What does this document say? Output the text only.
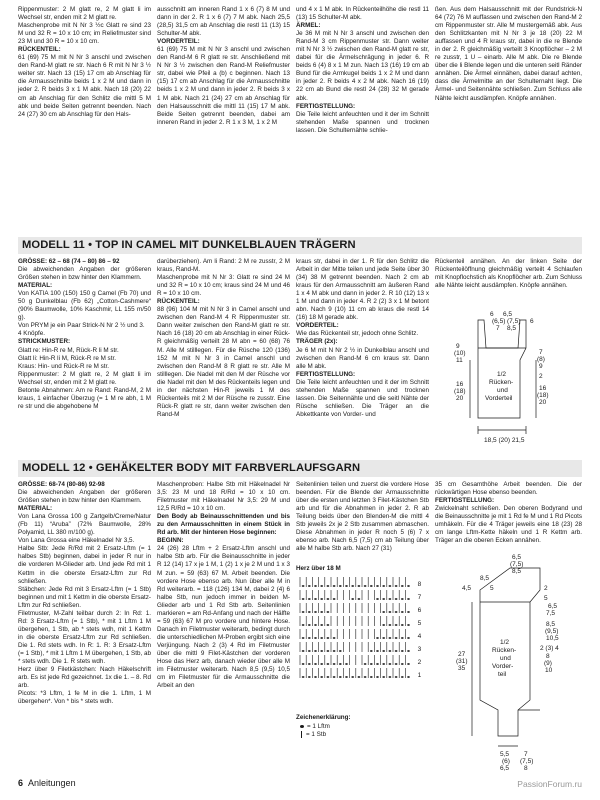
Rippenmuster: 2 M glatt re, 2 M glatt li im Wechsel str, enden mit 2 M glatt re.

Maschenprobe mit N Nr 3 ½c Glatt re sind 23 M und 32 R = 10 x 10 cm; im Reliefmuster sind 23 M und 30 R = 10 x 10 cm.

RÜCKENTEIL:

61 (69) 75 M mit N Nr 3 anschl und zwischen den Rand-M glatt re str. Nach 6 R mit N Nr 3 ½ weiter str. Nach 13 (15) 17 cm ab Anschlag für die Armausschnitte beids 1 x 2 M und dann in jeder 2. R beids 3 x 1 M abk. Nach 18 (20) 22 cm ab Anschlag für den Schlitz die mittl 5 M abk und beide Seiten getrennt beenden. Nach 24 (27) 30 cm ab Anschlag für den Hals-

ausschnitt am inneren Rand 1 x 6 (7) 8 M und dann in der 2. R 1 x 6 (7) 7 M abk. Nach 25,5 (28,5) 31,5 cm ab Anschlag die restl 11 (13) 15 Schulter-M abk.

VORDERTEIL:

61 (69) 75 M mit N Nr 3 anschl und zwischen den Rand-M 6 R glatt re str. Anschließend mit N Nr 3 ½ zwischen den Rand-M Reliefmuster str, dabei wie Pfeil a (b) c beginnen. Nach 13 (15) 17 cm ab Anschlag für die Armausschnitte beids 1 x 2 M und dann in jeder 2. R beids 3 x 1 M abk. Nach 21 (24) 27 cm ab Anschlag für den Halsausschnitt die mittl 11 (15) 17 M abk. Beide Seiten getrennt beenden, dabei am inneren Rand in jeder 2. R 1 x 3 M, 1 x 2 M

und 4 x 1 M abk. In Rückenteilhöhe die restl 11 (13) 15 Schulter-M abk.

ÄRMEL:

Je 36 M mit N Nr 3 anschl und zwischen den Rand-M 3 cm Rippenmuster str. Dann weiter mit N Nr 3 ½ zwischen den Rand-M glatt re str, dabei für die Ärmelschrägung in jeder 6. R beids 6 (4) 8 x 1 M zun. Nach 13 (16) 19 cm ab Bund für die Armkugel beids 1 x 2 M und dann in jeder 2. R beids 4 x 2 M abk. Nach 16 (19) 22 cm ab Bund die restl 24 (28) 32 M gerade abk.

FERTIGSTELLUNG:

Die Teile leicht anfeuchten und it der im Schnitt stehenden Maße spannen und trocknen lassen. Die Schulternähte schlie-

ßen. Aus dem Halsausschnitt mit der Rundstrick-N 64 (72) 76 M auffassen und zwischen den Rand-M 2 cm Rippenmuster str. Alle M mustergemäß abk. Aus den Schlitzkanten mit N Nr 3 je 18 (20) 22 M auffassen und 4 R kraus str, dabei in die re Blende in der 2. R gleichmäßig verteilt 3 Knopflöcher – 2 M re zusstr, 1 U – einarb. Alle M abk. Die re Blende über die li Blende legen und die unteren seitl Ränder annähen. Die Ärmel einnähen, dabei darauf achten, dass die Ärmelmitte an der Schulternaht liegt. Die Ärmel- und Seitennähte schließen. Zum Schluss alle Nähte leicht ausdämpfen. Knöpfe annähen.

MODELL 11 • TOP IN CAMEL MIT DUNKELBLAUEN TRÄGERN

GRÖSSE: 62 – 68 (74 – 80) 86 – 92

Die abweichenden Angaben der größeren Größen stehen in bzw hinter den Klammern.

MATERIAL:

Von KATIA 100 (150) 150 g Camel (Fb 70) und 50 g Dunkelblau (Fb 62) „Cotton-Cashmere“ (90% Baumwolle, 10% Kaschmir, LL 155 m/50 g).

Von PRYM je ein Paar Strick-N Nr 2 ½ und 3.

4 Knöpfe.

STRICKMUSTER:

Glatt re: Hin-R re M, Rück-R li M str.

Glatt li: Hin-R li M, Rück-R re M str.

Kraus: Hin- und Rück-R re M str.

Rippenmuster: 2 M glatt re, 2 M glatt li im Wechsel str, enden mit 2 M glatt re.

Betonte Abnahmen: Am re Rand: Rand-M, 2 M kraus, 1 einfacher Überzug (= 1 M re abh, 1 M re str und die abgehobene M

darüberziehen). Am li Rand: 2 M re zusstr, 2 M kraus, Rand-M.

Maschenprobe mit N Nr 3: Glatt re sind 24 M und 32 R = 10 x 10 cm; kraus sind 24 M und 46 R = 10 x 10 cm.

RÜCKENTEIL:

88 (96) 104 M mit N Nr 3 in Camel anschl und zwischen den Rand-M 4 R Rippenmuster str. Dann weiter zwischen den Rand-M glatt re str. Nach 16 (18) 20 cm ab Anschlag in einer Rück-R gleichmäßig verteilt 28 M abn = 60 (68) 76 M. Alle M stilllegen. Für die Rüsche 120 (136) 152 M mit N Nr 3 in Camel anschl und zwischen den Rand-M 8 R glatt re str. Alle M stilllegen. Die Nadel mit den M der Rüsche vor die Nadel mit den M des Rückenteils legen und in der nächsten Hin-R jeweils 1 M des Rückenteils mit 2 M der Rüsche re zusstr. Eine Rück-R glatt re str, dann weiter zwischen den Rand-M

kraus str, dabei in der 1. R für den Schlitz die Arbeit in der Mitte teilen und jede Seite über 30 (34) 38 M getrennt beenden. Nach 2 cm ab kraus für den Armausschnitt am äußeren Rand 1 x 4 M abk und dann in jeder 2. R 10 (12) 13 x 1 M und dann in jeder 4. R 2 (2) 3 x 1 M betont abn. Nach 9 (10) 11 cm ab kraus die restl 14 (16) 18 M gerade abk.

VORDERTEIL:

Wie das Rückenteil str, jedoch ohne Schlitz.

TRÄGER (2x):

Je 6 M mit N Nr 2 ½ in Dunkelblau anschl und zwischen den Rand-M 6 cm kraus str. Dann alle M abk.

FERTIGSTELLUNG:

Die Teile leicht anfeuchten und it der im Schnitt stehenden Maße spannen und trocknen lassen. Die Seitennähte und die seitl Nähte der Rüsche schließen. Die Träger an die Abkettkante von Vorder- und

Rückenteil annähen. An der linken Seite der Rückenteilöffnung gleichmäßig verteilt 4 Schlaufen mit Knopflochstich als Knopflöcher arb. Zum Schluss alle Nähte leicht ausdämpfen. Knöpfe annähen.

6 6,5
(6,5) (7,5) 6
7 8,5
9
(10)
11
7
(8)
9
16
(18)
20
2
16
(18)
20
1/2
Rücken-
und
Vorderteil
18,5 (20) 21,5
MODELL 12 • GEHÄKELTER BODY MIT FARBVERLAUFSGARN

GRÖSSE: 68-74 (80-86) 92-98

Die abweichenden Angaben der größeren Größen stehen in bzw hinter den Klammern.

MATERIAL:

Von Lana Grossa 100 g Zartgelb/Creme/Natur (Fb 11) “Aruba” (72% Baumwolle, 28% Polyamid, LL 380 m/100 g).

Von Lana Grossa eine Häkelnadel Nr 3,5.

Halbe Stb: Jede R/Rd mit 2 Ersatz-Lftm (= 1 halbes Stb) beginnen, dabei in jeder R nur in die vorderen M-Glieder arb. Und jede Rd mit 1 Kettm in die oberste Ersatz-Lftm zur Rd schließen.

Stäbchen: Jede Rd mit 3 Ersatz-Lftm (= 1 Stb) beginnen und mit 1 Kettm in die oberste Ersatz-Lftm zur Rd schließen.

Filetmuster, M-Zahl teilbar durch 2: In Rd: 1. Rd: 3 Ersatz-Lftm (= 1 Stb), * mit 1 Lftm 1 M übergehen, 1 Stb, ab * stets wdh, mit 1 Kettm in die oberste Ersatz-Lftm zur Rd schließen. Die 1. Rd stets wdh. In R: 1. R: 3 Ersatz-Lftm (= 1 Stb), * mit 1 Lftm 1 M übergehen, 1 Stb, ab * stets wdh. Die 1. R stets wdh.

Herz über 9 Filetkästchen: Nach Häkelschrift arb. Es ist jede Rd gezeichnet. 1x die 1. – 8. Rd arb.

Picots: *3 Lftm, 1 fe M in die 1. Lftm, 1 M übergehen*. Von * bis * stets wdh.

Maschenproben: Halbe Stb mit Häkelnadel Nr 3,5: 23 M und 18 R/Rd = 10 x 10 cm. Filetmuster mit Häkelnadel Nr 3,5: 29 M und 12,5 R/Rd = 10 x 10 cm.

Den Body ab Beinausschnittenden und bis zu den Armausschnitten in einem Stück in Rd arb. Mit der hinteren Hose beginnen:

BEGINN:

24 (26) 28 Lftm + 2 Ersatz-Lftm anschl und halbe Stb arb. Für die Beinausschnitte in jeder R 12 (14) 17 x je 1 M, 1 (2) 1 x je 2 M und 1 x 3 M zun. = 59 (63) 67 M. Arbeit beenden. Die vordere Hose ebenso arb. Nun über alle M in Rd weiterarb. = 118 (126) 134 M, dabei 2 (4) 6 halbe Stb, nun jedoch immer in beiden M-Glieder arb und 1 Rd Stb arb. Seitenlinien markieren = am Rd-Anfang und nach der Hälfte = 59 (63) 67 M pro vordere und hintere Hose. Danach im Filetmuster weiterarb, bedingt durch die unterschiedlichen M-Proben ergibt sich eine Verjüngung. Nach 2 (3) 4 Rd im Filetmuster über die mittl 9 Filet-Kästchen der vorderen Hose das Herz arb, danach wieder über alle M im Filetmuster weiterarb. Nach 8,5 (9,5) 10,5 cm im Filetmuster für die Armausschnitte die Arbeit an den

Seitenlinien teilen und zuerst die vordere Hose beenden. Für die Blende der Armausschnitte über die ersten und letzten 3 Filet-Kästchen Stb arb und für die Abnahmen in jeder 2. R ab Teilung beids über den Blenden-M die mittl 4 Stb jeweils 2x je 2 Stb zusammen abmaschen. Diese Abnahmen in jeder R noch 5 (6) 7 x ebenso arb. Nach 6,5 (7,5) cm ab Teilung über alle M halbe Stb arb. Nach 27 (31)

35 cm Gesamthöhe Arbeit beenden. Die der rückwärtigen Hose ebenso beenden.

FERTIGSTELLUNG:

Zwickelnaht schließen. Den oberen Bodyrand und die Beinausschnitte je mit 1 Rd fe M und 1 Rd Picots umhäkeln. Für die 4 Träger jeweils eine 18 (23) 28 cm lange Lftm-Kette häkeln und 1 R Kettm arb. Träger an die oberen Ecken annähen.

Herz über 18 M
8
7
6
5
4
3
2
1
Zeichenerklärung:
= 1 Lftm
= 1 Stb
6,5
(7,5)
8,5
4,5
8,5
5	2
5
6,5
7,5
8,5
(9,5)
10,5
2 (3) 4
8
(9)
10
27
(31)
35
1/2
Rücken-
und
Vorder-
teil
5,5
(6)
6,5
7
(7,5)
8
6 Anleitungen	PassionForum.ru
